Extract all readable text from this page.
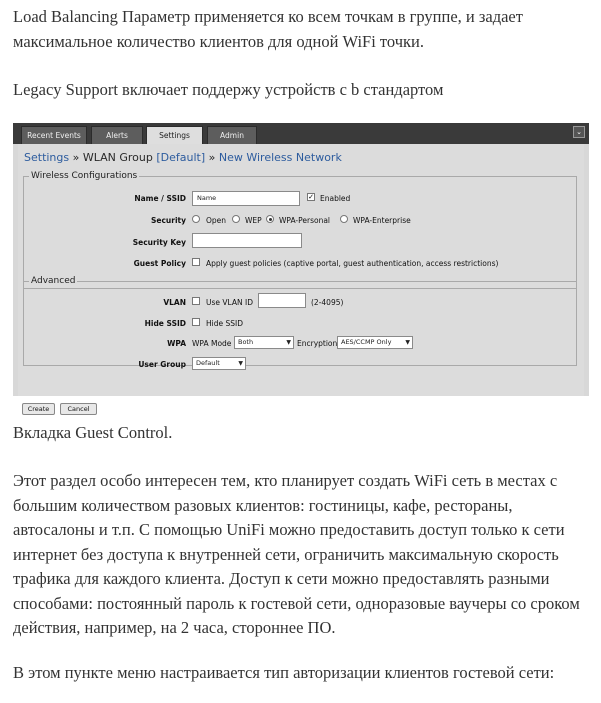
Load Balancing Параметр применяется ко всем точкам в группе, и задает максимальное количество клиентов для одной WiFi точки.

Legacy Support включает поддержу устройств с b стандартом

Recent Events	Alerts	Settings	Admin	⌄
Settings » WLAN Group [Default] » New Wireless Network
Wireless Configurations
Name / SSID	Name	✓ Enabled
Security	Open	WEP WPA-Personal	WPA-Enterprise
Security Key
Guest Policy	Apply guest policies (captive portal, guest authentication, access restrictions)
Advanced
VLAN	Use VLAN ID	(2-4095)
Hide SSID	Hide SSID
WPA WPA Mode	Both	▼ Encryption AES/CCMP Only ▼
User Group	Default	▼
Create	Cancel

Вкладка Guest Control.

Этот раздел особо интересен тем, кто планирует создать WiFi сеть в местах с большим количеством разовых клиентов: гостиницы, кафе, рестораны, автосалоны и т.п. С помощью UniFi можно предоставить доступ только к сети интернет без доступа к внутренней сети, ограничить максимальную скорость трафика для каждого клиента. Доступ к сети можно предоставлять разными способами: постоянный пароль к гостевой сети, одноразовые ваучеры со сроком действия, например, на 2 часа, стороннее ПО.

В этом пункте меню настраивается тип авторизации клиентов гостевой сети:
